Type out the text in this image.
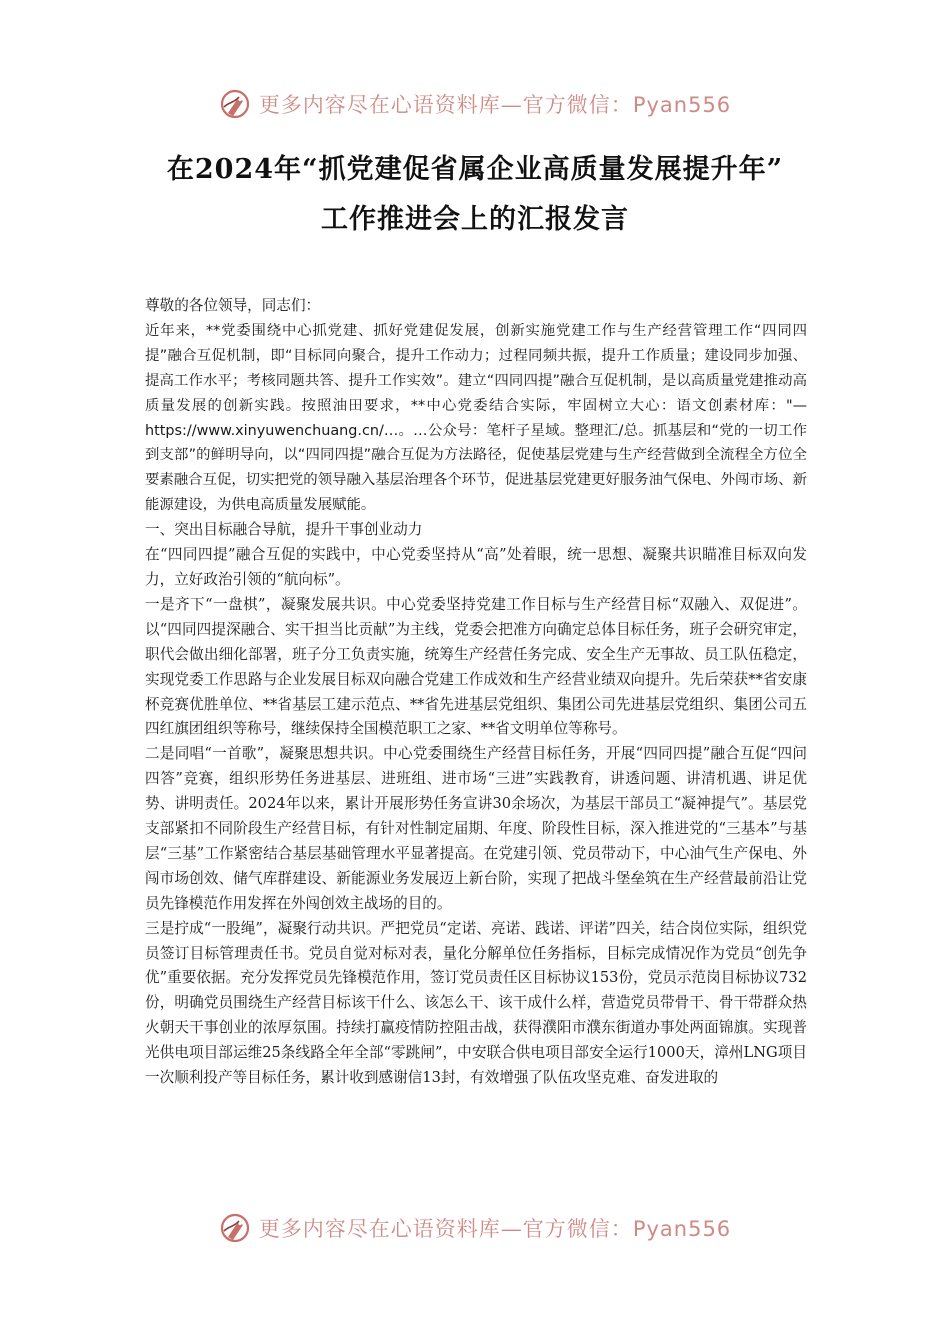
更多内容尽在心语资料库—官方微信：Pyan556
在2024年“抓党建促省属企业高质量发展提升年”
工作推进会上的汇报发言

尊敬的各位领导，同志们：

近年来，**党委围绕中心抓党建、抓好党建促发展，创新实施党建工作与生产经营管理工作“四同四提”融合互促机制，即“目标同向聚合，提升工作动力；过程同频共振，提升工作质量；建设同步加强、提高工作水平；考核同题共答、提升工作实效”。建立“四同四提”融合互促机制，是以高质量党建推动高质量发展的创新实践。按照油田要求，**中心党委结合实际，牢固树立大心：语文创素材库："—https://www.xinyuwenchuang.cn/…。…公众号：笔杆子星域。整理汇/总。抓基层和“党的一切工作到支部”的鲜明导向，以“四同四提”融合互促为方法路径，促使基层党建与生产经营做到全流程全方位全要素融合互促，切实把党的领导融入基层治理各个环节，促进基层党建更好服务油气保电、外闯市场、新能源建设，为供电高质量发展赋能。

一、突出目标融合导航，提升干事创业动力

在“四同四提”融合互促的实践中，中心党委坚持从“高”处着眼，统一思想、凝聚共识瞄准目标双向发力，立好政治引领的“航向标”。

一是齐下“一盘棋”，凝聚发展共识。中心党委坚持党建工作目标与生产经营目标“双融入、双促进”。以“四同四提深融合、实干担当比贡献”为主线，党委会把准方向确定总体目标任务，班子会研究审定，职代会做出细化部署，班子分工负责实施，统筹生产经营任务完成、安全生产无事故、员工队伍稳定，实现党委工作思路与企业发展目标双向融合党建工作成效和生产经营业绩双向提升。先后荣获**省安康杯竞赛优胜单位、**省基层工建示范点、**省先进基层党组织、集团公司先进基层党组织、集团公司五四红旗团组织等称号，继续保持全国模范职工之家、**省文明单位等称号。

二是同唱“一首歌”，凝聚思想共识。中心党委围绕生产经营目标任务，开展“四同四提”融合互促“四问四答”竞赛，组织形势任务进基层、进班组、进市场“三进”实践教育，讲透问题、讲清机遇、讲足优势、讲明责任。2024年以来，累计开展形势任务宣讲30余场次，为基层干部员工“凝神提气”。基层党支部紧扣不同阶段生产经营目标，有针对性制定届期、年度、阶段性目标，深入推进党的“三基本”与基层“三基”工作紧密结合基层基础管理水平显著提高。在党建引领、党员带动下，中心油气生产保电、外闯市场创效、储气库群建设、新能源业务发展迈上新台阶，实现了把战斗堡垒筑在生产经营最前沿让党员先锋模范作用发挥在外闯创效主战场的目的。

三是拧成“一股绳”，凝聚行动共识。严把党员“定诺、亮诺、践诺、评诺”四关，结合岗位实际，组织党员签订目标管理责任书。党员自觉对标对表，量化分解单位任务指标，目标完成情况作为党员“创先争优”重要依据。充分发挥党员先锋模范作用，签订党员责任区目标协议153份，党员示范岗目标协议732份，明确党员围绕生产经营目标该干什么、该怎么干、该干成什么样，营造党员带骨干、骨干带群众热火朝天干事创业的浓厚氛围。持续打赢疫情防控阻击战，获得濮阳市濮东街道办事处两面锦旗。实现普光供电项目部运维25条线路全年全部“零跳闸”，中安联合供电项目部安全运行1000天，漳州LNG项目一次顺利投产等目标任务，累计收到感谢信13封，有效增强了队伍攻坚克难、奋发进取的

更多内容尽在心语资料库—官方微信：Pyan556
